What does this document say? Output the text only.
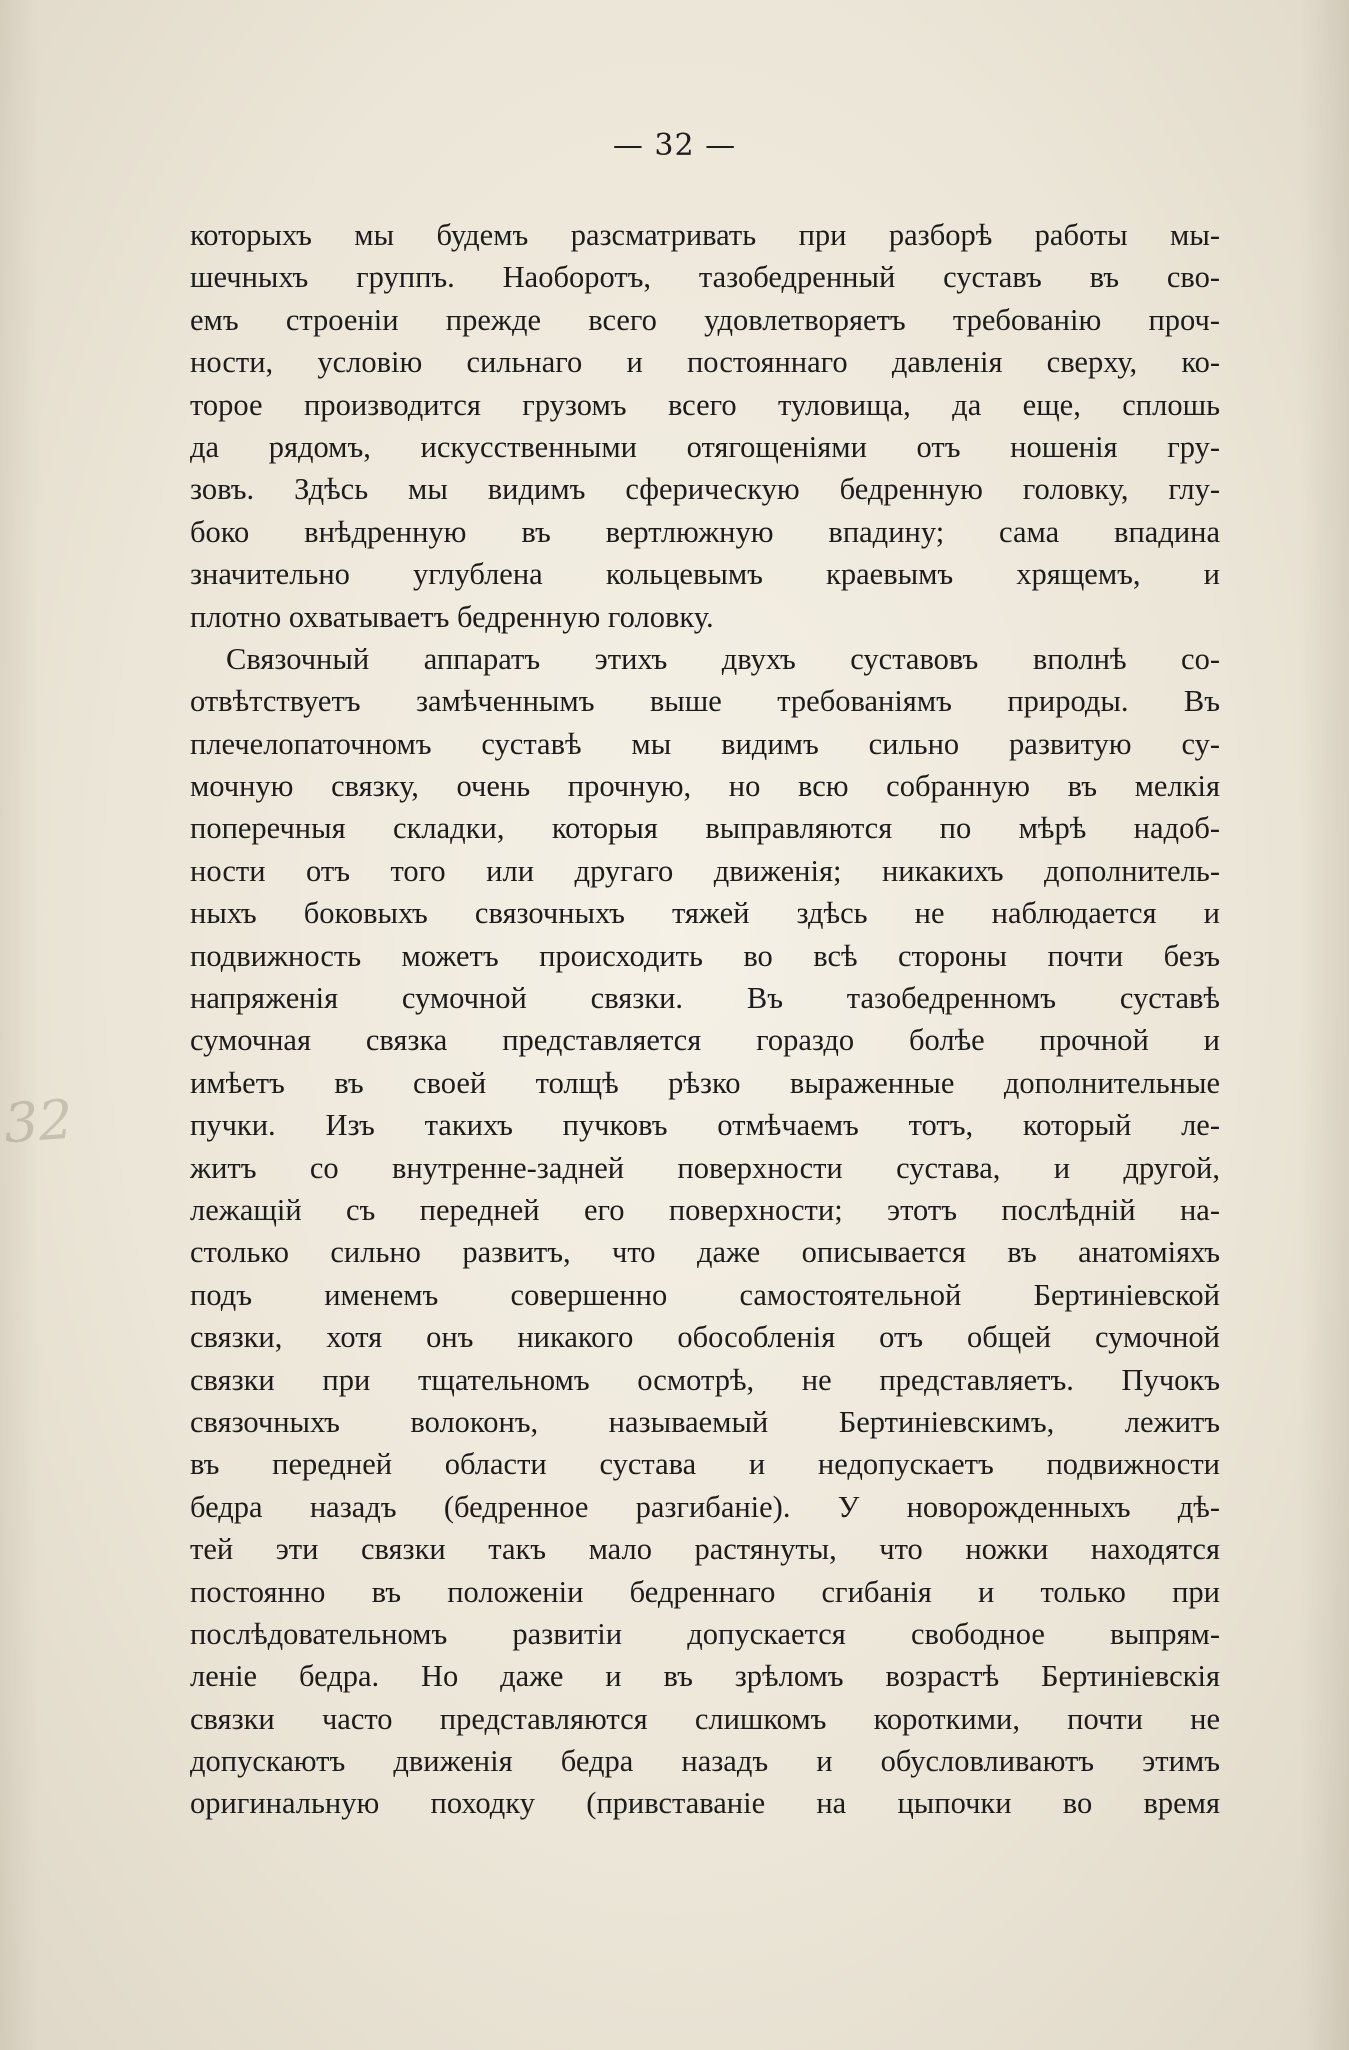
— 32 —
32
которыхъ мы будемъ разсматривать при разборѣ работы мы-
шечныхъ группъ. Наоборотъ, тазобедренный суставъ въ сво-
емъ строеніи прежде всего удовлетворяетъ требованію проч-
ности, условію сильнаго и постояннаго давленія сверху, ко-
торое производится грузомъ всего туловища, да еще, сплошь
да рядомъ, искусственными отягощеніями отъ ношенія гру-
зовъ. Здѣсь мы видимъ сферическую бедренную головку, глу-
боко внѣдренную въ вертлюжную впадину; сама впадина
значительно углублена кольцевымъ краевымъ хрящемъ, и
плотно охватываетъ бедренную головку.
Связочный аппаратъ этихъ двухъ суставовъ вполнѣ со-
отвѣтствуетъ замѣченнымъ выше требованіямъ природы. Въ
плечелопаточномъ суставѣ мы видимъ сильно развитую су-
мочную связку, очень прочную, но всю собранную въ мелкія
поперечныя складки, которыя выправляются по мѣрѣ надоб-
ности отъ того или другаго движенія; никакихъ дополнитель-
ныхъ боковыхъ связочныхъ тяжей здѣсь не наблюдается и
подвижность можетъ происходить во всѣ стороны почти безъ
напряженія сумочной связки. Въ тазобедренномъ суставѣ
сумочная связка представляется гораздо болѣе прочной и
имѣетъ въ своей толщѣ рѣзко выраженные дополнительные
пучки. Изъ такихъ пучковъ отмѣчаемъ тотъ, который ле-
житъ со внутренне-задней поверхности сустава, и другой,
лежащій съ передней его поверхности; этотъ послѣдній на-
столько сильно развитъ, что даже описывается въ анатоміяхъ
подъ именемъ совершенно самостоятельной Бертиніевской
связки, хотя онъ никакого обособленія отъ общей сумочной
связки при тщательномъ осмотрѣ, не представляетъ. Пучокъ
связочныхъ волоконъ, называемый Бертиніевскимъ, лежитъ
въ передней области сустава и недопускаетъ подвижности
бедра назадъ (бедренное разгибаніе). У новорожденныхъ дѣ-
тей эти связки такъ мало растянуты, что ножки находятся
постоянно въ положеніи бедреннаго сгибанія и только при
послѣдовательномъ развитіи допускается свободное выпрям-
леніе бедра. Но даже и въ зрѣломъ возрастѣ Бертиніевскія
связки часто представляются слишкомъ короткими, почти не
допускаютъ движенія бедра назадъ и обусловливаютъ этимъ
оригинальную походку (привставаніе на цыпочки во время
